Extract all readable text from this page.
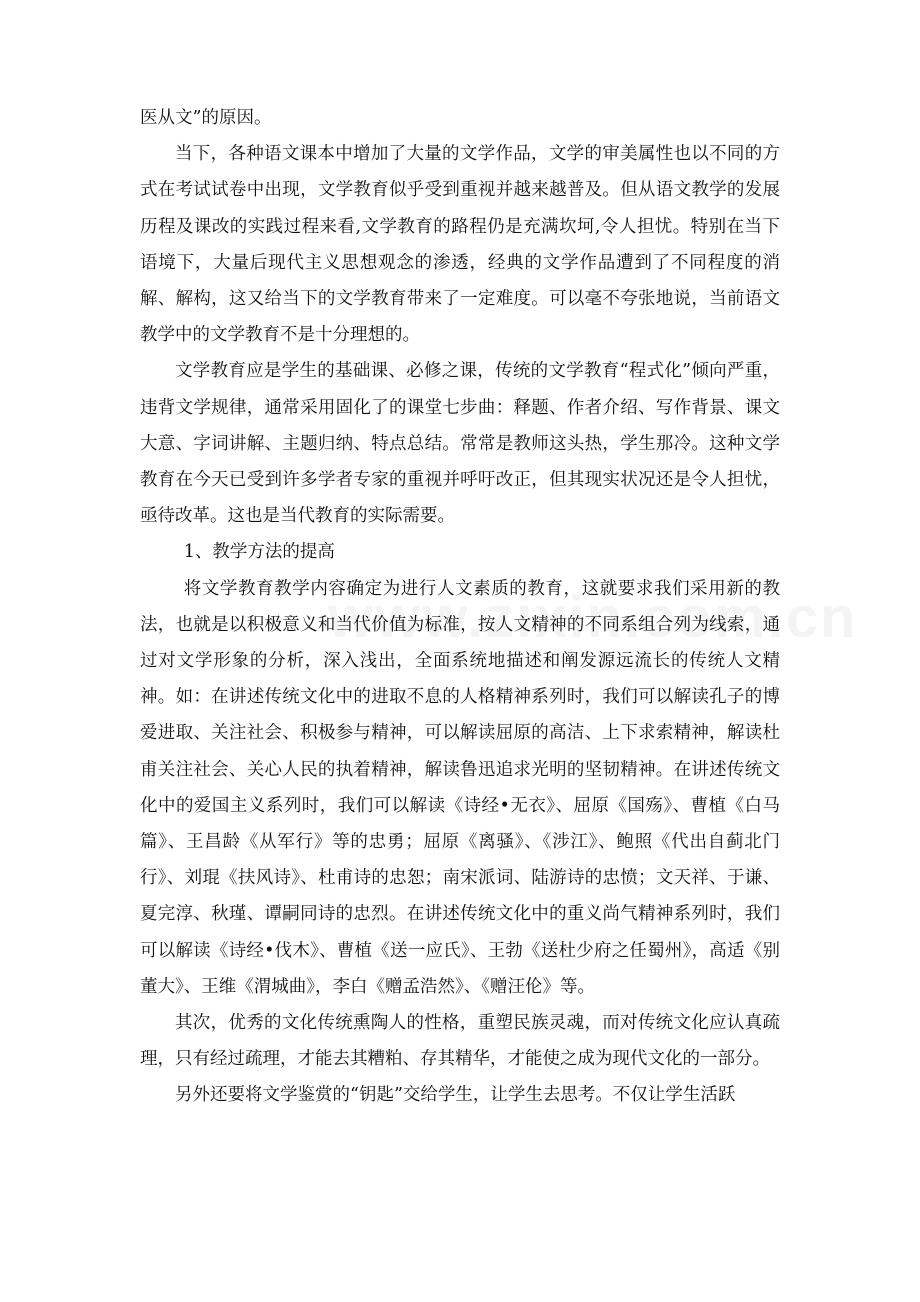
医从文”的原因。

当下，各种语文课本中增加了大量的文学作品，文学的审美属性也以不同的方式在考试试卷中出现，文学教育似乎受到重视并越来越普及。但从语文教学的发展历程及课改的实践过程来看,文学教育的路程仍是充满坎坷,令人担忧。特别在当下语境下，大量后现代主义思想观念的渗透，经典的文学作品遭到了不同程度的消解、解构，这又给当下的文学教育带来了一定难度。可以毫不夸张地说，当前语文教学中的文学教育不是十分理想的。

文学教育应是学生的基础课、必修之课，传统的文学教育“程式化”倾向严重，违背文学规律，通常采用固化了的课堂七步曲：释题、作者介绍、写作背景、课文大意、字词讲解、主题归纳、特点总结。常常是教师这头热，学生那冷。这种文学教育在今天已受到许多学者专家的重视并呼吁改正，但其现实状况还是令人担忧，亟待改革。这也是当代教育的实际需要。

1、教学方法的提高

将文学教育教学内容确定为进行人文素质的教育，这就要求我们采用新的教法，也就是以积极意义和当代价值为标准，按人文精神的不同系组合列为线索，通过对文学形象的分析，深入浅出，全面系统地描述和阐发源远流长的传统人文精神。如：在讲述传统文化中的进取不息的人格精神系列时，我们可以解读孔子的博爱进取、关注社会、积极参与精神，可以解读屈原的高洁、上下求索精神，解读杜甫关注社会、关心人民的执着精神，解读鲁迅追求光明的坚韧精神。在讲述传统文化中的爱国主义系列时，我们可以解读《诗经•无衣》、屈原《国殇》、曹植《白马篇》、王昌龄《从军行》等的忠勇；屈原《离骚》、《涉江》、鲍照《代出自蓟北门行》、刘琨《扶风诗》、杜甫诗的忠恕；南宋派词、陆游诗的忠愤；文天祥、于谦、夏完淳、秋瑾、谭嗣同诗的忠烈。在讲述传统文化中的重义尚气精神系列时，我们可以解读《诗经•伐木》、曹植《送一应氏》、王勃《送杜少府之任蜀州》，高适《别董大》、王维《渭城曲》，李白《赠孟浩然》、《赠汪伦》等。

其次，优秀的文化传统熏陶人的性格，重塑民族灵魂，而对传统文化应认真疏理，只有经过疏理，才能去其糟粕、存其精华，才能使之成为现代文化的一部分。

另外还要将文学鉴赏的“钥匙”交给学生，让学生去思考。不仅让学生活跃
